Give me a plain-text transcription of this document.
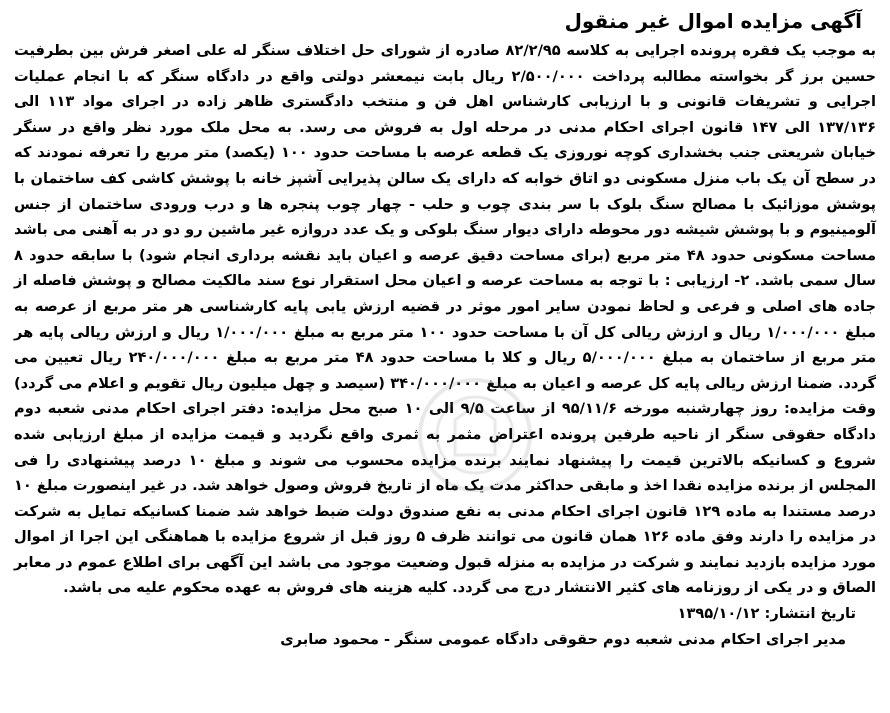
آگهی مزایده اموال غیر منقول

به موجب یک فقره پرونده اجرایی به کلاسه ۸۲/۲/۹۵ صادره از شورای حل اختلاف سنگر له علی اصغر فرش بین بطرفیت حسین برز گر بخواسته مطالبه پرداخت ۲/۵۰۰/۰۰۰ ریال بابت نیمعشر دولتی واقع در دادگاه سنگر که با انجام عملیات اجرایی و تشریفات قانونی و با ارزیابی کارشناس اهل فن و منتخب دادگستری ظاهر زاده در اجرای مواد ۱۱۳ الی ۱۳۷/۱۳۶ الی ۱۴۷ قانون اجرای احکام مدنی در مرحله اول به فروش می رسد. به محل ملک مورد نظر واقع در سنگر خیابان شریعتی جنب بخشداری کوچه نوروزی یک قطعه عرصه با مساحت حدود ۱۰۰ (یکصد) متر مربع را تعرفه نمودند که در سطح آن یک باب منزل مسکونی دو اتاق خوابه که دارای یک سالن پذیرایی آشپز خانه با پوشش کاشی کف ساختمان با پوشش موزائیک با مصالح سنگ بلوک با سر بندی چوب و حلب - چهار چوب پنجره ها و درب ورودی ساختمان از جنس آلومینیوم و با پوشش شیشه دور محوطه دارای دیوار سنگ بلوکی و یک عدد دروازه غیر ماشین رو دو در به آهنی می باشد مساحت مسکونی حدود ۴۸ متر مربع (برای مساحت دقیق عرصه و اعیان باید نقشه برداری انجام شود) با سابقه حدود ۸ سال سمی باشد. ۲- ارزیابی : با توجه به مساحت عرصه و اعیان محل استقرار نوع سند مالکیت مصالح و پوشش فاصله از جاده های اصلی و فرعی و لحاظ نمودن سایر امور موثر در قضیه ارزش یابی پایه کارشناسی هر متر مربع از عرصه به مبلغ ۱/۰۰۰/۰۰۰ ریال و ارزش ریالی کل آن با مساحت حدود ۱۰۰ متر مربع به مبلغ ۱/۰۰۰/۰۰۰ ریال و ارزش ریالی پایه هر متر مربع از ساختمان به مبلغ ۵/۰۰۰/۰۰۰ ریال و کلا با مساحت حدود ۴۸ متر مربع به مبلغ ۲۴۰/۰۰۰/۰۰۰ ریال تعیین می گردد. ضمنا ارزش ریالی پایه کل عرصه و اعیان به مبلغ ۳۴۰/۰۰۰/۰۰۰ (سیصد و چهل میلیون ریال تقویم و اعلام می گردد) وقت مزایده: روز چهارشنبه مورخه ۹۵/۱۱/۶ از ساعت ۹/۵ الی ۱۰ صبح محل مزایده: دفتر اجرای احکام مدنی شعبه دوم دادگاه حقوقی سنگر از ناحیه طرفین پرونده اعتراض مثمر به ثمری واقع نگردید و قیمت مزایده از مبلغ ارزیابی شده شروع و کسانیکه بالاترین قیمت را پیشنهاد نمایند برنده مزایده محسوب می شوند و مبلغ ۱۰ درصد پیشنهادی را فی المجلس از برنده مزایده نقدا اخذ و مابقی حداکثر مدت یک ماه از تاریخ فروش وصول خواهد شد. در غیر اینصورت مبلغ ۱۰ درصد مستندا به ماده ۱۲۹ قانون اجرای احکام مدنی به نفع صندوق دولت ضبط خواهد شد ضمنا کسانیکه تمایل به شرکت در مزایده را دارند وفق ماده ۱۲۶ همان قانون می توانند ظرف ۵ روز قبل از شروع مزایده با هماهنگی این اجرا از اموال مورد مزایده بازدید نمایند و شرکت در مزایده به منزله قبول وضعیت موجود می باشد این آگهی برای اطلاع عموم در معابر الصاق و در یکی از روزنامه های کثیر الانتشار درج می گردد. کلیه هزینه های فروش به عهده محکوم علیه می باشد.

تاریخ انتشار: ۱۳۹۵/۱۰/۱۲
مدیر اجرای احکام مدنی شعبه دوم حقوقی دادگاه عمومی سنگر - محمود صابری
